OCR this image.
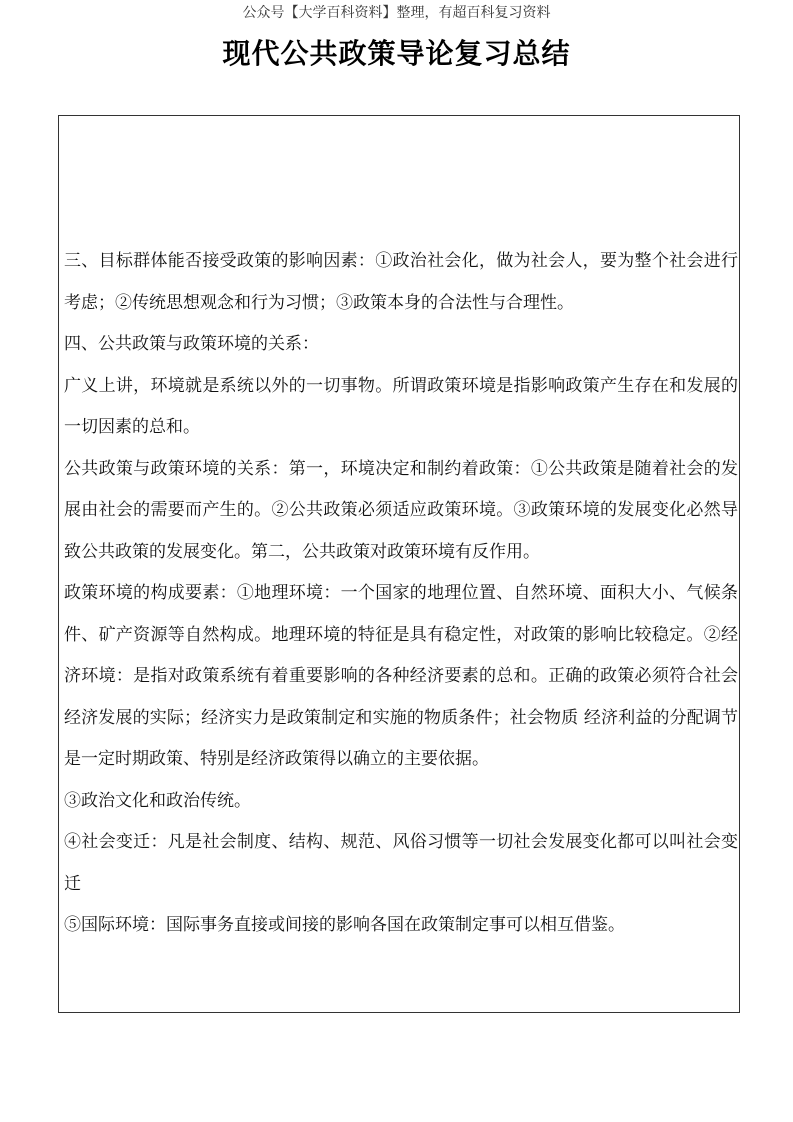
公众号【大学百科资料】整理，有超百科复习资料
现代公共政策导论复习总结

三、目标群体能否接受政策的影响因素：①政治社会化，做为社会人，要为整个社会进行考虑；②传统思想观念和行为习惯；③政策本身的合法性与合理性。

四、公共政策与政策环境的关系：

广义上讲，环境就是系统以外的一切事物。所谓政策环境是指影响政策产生存在和发展的一切因素的总和。

公共政策与政策环境的关系：第一，环境决定和制约着政策：①公共政策是随着社会的发展由社会的需要而产生的。②公共政策必须适应政策环境。③政策环境的发展变化必然导致公共政策的发展变化。第二，公共政策对政策环境有反作用。

政策环境的构成要素：①地理环境：一个国家的地理位置、自然环境、面积大小、气候条件、矿产资源等自然构成。地理环境的特征是具有稳定性，对政策的影响比较稳定。②经济环境：是指对政策系统有着重要影响的各种经济要素的总和。正确的政策必须符合社会经济发展的实际；经济实力是政策制定和实施的物质条件；社会物质 经济利益的分配调节是一定时期政策、特别是经济政策得以确立的主要依据。

③政治文化和政治传统。

④社会变迁：凡是社会制度、结构、规范、风俗习惯等一切社会发展变化都可以叫社会变迁

⑤国际环境：国际事务直接或间接的影响各国在政策制定事可以相互借鉴。
